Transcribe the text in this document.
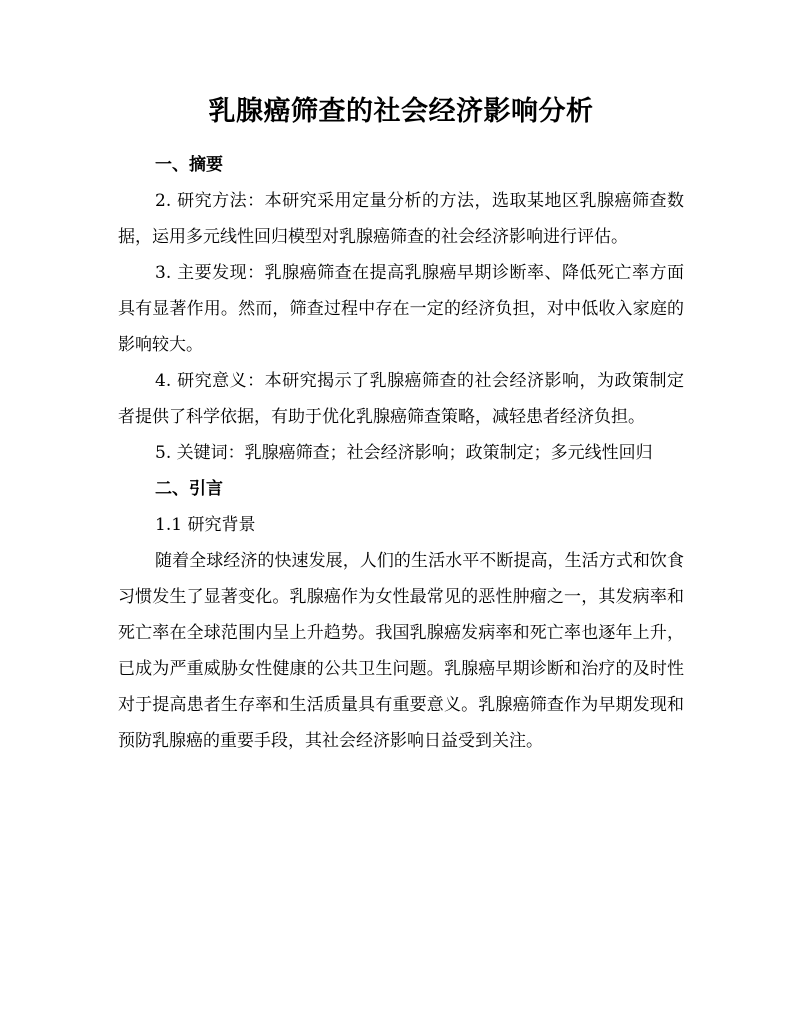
乳腺癌筛查的社会经济影响分析
一、摘要

2. 研究方法：本研究采用定量分析的方法，选取某地区乳腺癌筛查数据，运用多元线性回归模型对乳腺癌筛查的社会经济影响进行评估。

3. 主要发现：乳腺癌筛查在提高乳腺癌早期诊断率、降低死亡率方面具有显著作用。然而，筛查过程中存在一定的经济负担，对中低收入家庭的影响较大。

4. 研究意义：本研究揭示了乳腺癌筛查的社会经济影响，为政策制定者提供了科学依据，有助于优化乳腺癌筛查策略，减轻患者经济负担。

5. 关键词：乳腺癌筛查；社会经济影响；政策制定；多元线性回归

二、引言

1.1 研究背景

随着全球经济的快速发展，人们的生活水平不断提高，生活方式和饮食习惯发生了显著变化。乳腺癌作为女性最常见的恶性肿瘤之一，其发病率和死亡率在全球范围内呈上升趋势。我国乳腺癌发病率和死亡率也逐年上升，已成为严重威胁女性健康的公共卫生问题。乳腺癌早期诊断和治疗的及时性对于提高患者生存率和生活质量具有重要意义。乳腺癌筛查作为早期发现和预防乳腺癌的重要手段，其社会经济影响日益受到关注。
